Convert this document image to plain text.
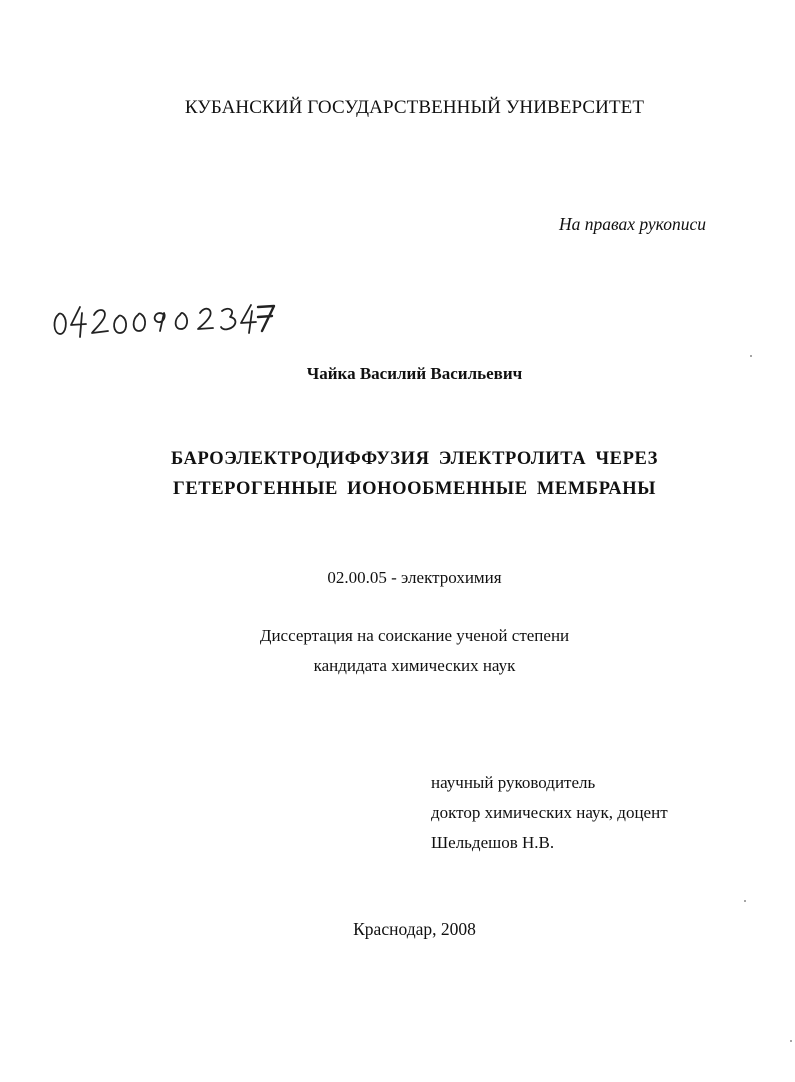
КУБАНСКИЙ ГОСУДАРСТВЕННЫЙ УНИВЕРСИТЕТ
На правах рукописи
Чайка Василий Васильевич
БАРОЭЛЕКТРОДИФФУЗИЯ ЭЛЕКТРОЛИТА ЧЕРЕЗ
ГЕТЕРОГЕННЫЕ ИОНООБМЕННЫЕ МЕМБРАНЫ
02.00.05 - электрохимия
Диссертация на соискание ученой степени
кандидата химических наук
научный руководитель
доктор химических наук, доцент
Шельдешов Н.В.
Краснодар, 2008
